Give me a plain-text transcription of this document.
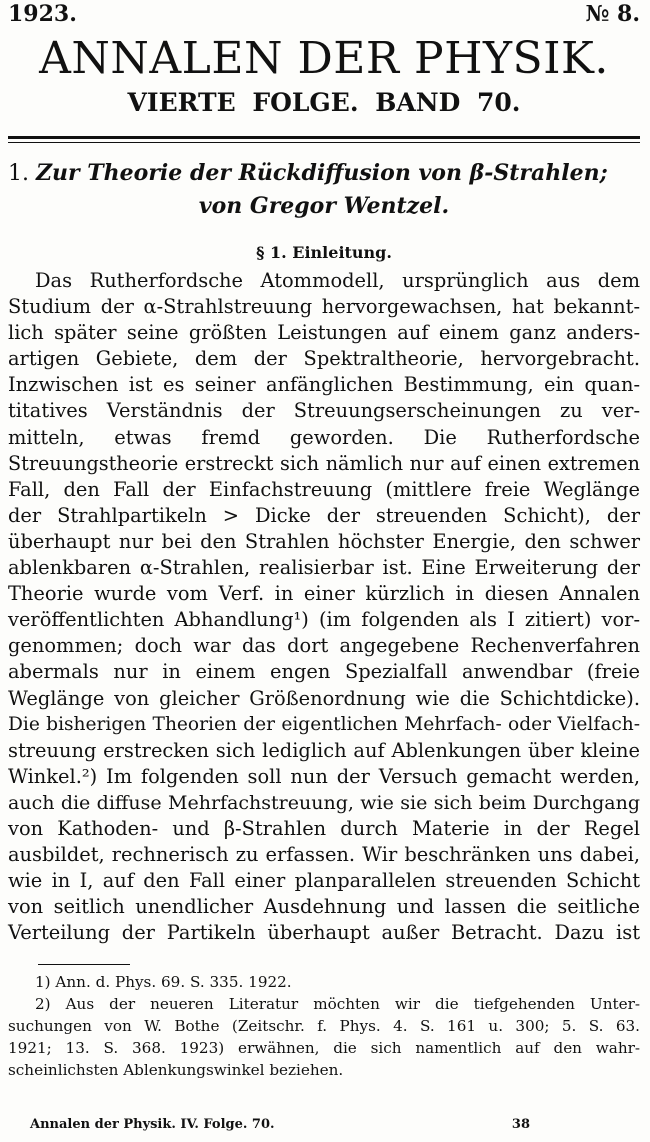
1923.	№ 8.
ANNALEN DER PHYSIK.
VIERTE FOLGE. BAND 70.
1. Zur Theorie der Rückdiffusion von β-Strahlen;
von Gregor Wentzel.
§ 1. Einleitung.
Das Rutherfordsche Atommodell, ursprünglich aus dem
Studium der α-Strahlstreuung hervorgewachsen, hat bekannt-
lich später seine größten Leistungen auf einem ganz anders-
artigen Gebiete, dem der Spektraltheorie, hervorgebracht.
Inzwischen ist es seiner anfänglichen Bestimmung, ein quan-
titatives Verständnis der Streuungserscheinungen zu ver-
mitteln, etwas fremd geworden. Die Rutherfordsche
Streuungstheorie erstreckt sich nämlich nur auf einen extremen
Fall, den Fall der Einfachstreuung (mittlere freie Weglänge
der Strahlpartikeln > Dicke der streuenden Schicht), der
überhaupt nur bei den Strahlen höchster Energie, den schwer
ablenkbaren α-Strahlen, realisierbar ist. Eine Erweiterung der
Theorie wurde vom Verf. in einer kürzlich in diesen Annalen
veröffentlichten Abhandlung¹) (im folgenden als I zitiert) vor-
genommen; doch war das dort angegebene Rechenverfahren
abermals nur in einem engen Spezialfall anwendbar (freie
Weglänge von gleicher Größenordnung wie die Schichtdicke).
Die bisherigen Theorien der eigentlichen Mehrfach- oder Vielfach-
streuung erstrecken sich lediglich auf Ablenkungen über kleine
Winkel.²) Im folgenden soll nun der Versuch gemacht werden,
auch die diffuse Mehrfachstreuung, wie sie sich beim Durchgang
von Kathoden- und β-Strahlen durch Materie in der Regel
ausbildet, rechnerisch zu erfassen. Wir beschränken uns dabei,
wie in I, auf den Fall einer planparallelen streuenden Schicht
von seitlich unendlicher Ausdehnung und lassen die seitliche
Verteilung der Partikeln überhaupt außer Betracht. Dazu ist
1) Ann. d. Phys. 69. S. 335. 1922.
2) Aus der neueren Literatur möchten wir die tiefgehenden Unter-
suchungen von W. Bothe (Zeitschr. f. Phys. 4. S. 161 u. 300; 5. S. 63.
1921; 13. S. 368. 1923) erwähnen, die sich namentlich auf den wahr-
scheinlichsten Ablenkungswinkel beziehen.
Annalen der Physik. IV. Folge. 70.	38
